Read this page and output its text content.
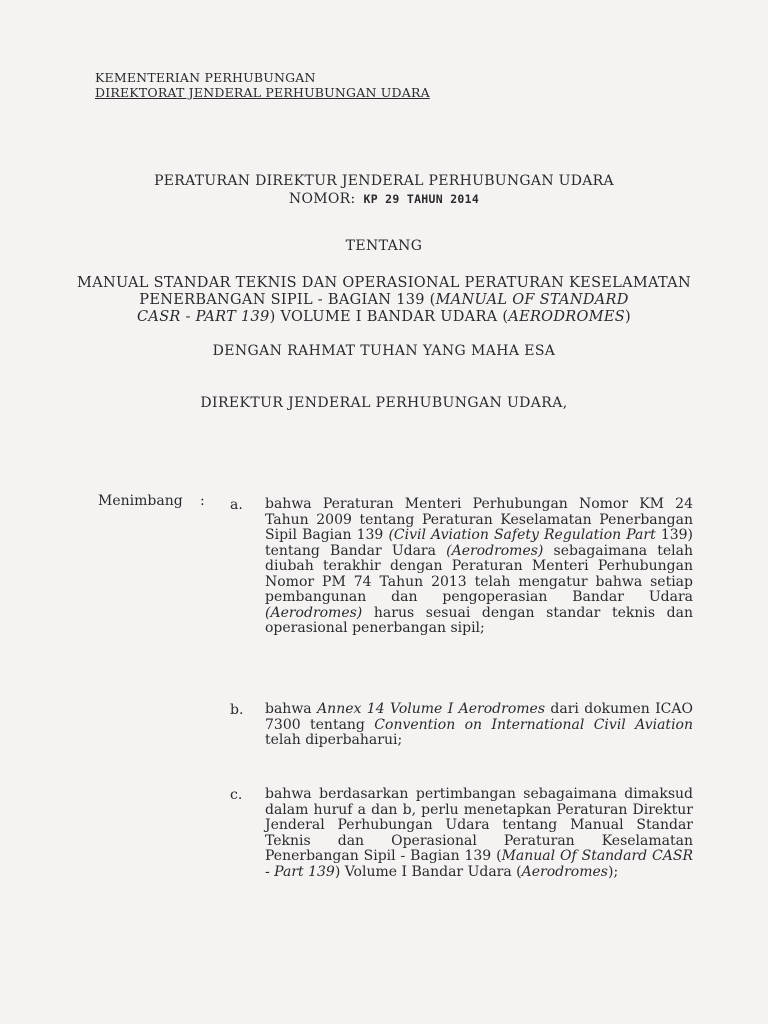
KEMENTERIAN PERHUBUNGAN
DIREKTORAT JENDERAL PERHUBUNGAN UDARA
PERATURAN DIREKTUR JENDERAL PERHUBUNGAN UDARA
NOMOR: KP 29 TAHUN 2014
TENTANG
MANUAL STANDAR TEKNIS DAN OPERASIONAL PERATURAN KESELAMATAN
PENERBANGAN SIPIL - BAGIAN 139 (MANUAL OF STANDARD
CASR - PART 139) VOLUME I BANDAR UDARA (AERODROMES)
DENGAN RAHMAT TUHAN YANG MAHA ESA
DIREKTUR JENDERAL PERHUBUNGAN UDARA,
Menimbang : a. bahwa Peraturan Menteri Perhubungan Nomor KM 24 Tahun 2009 tentang Peraturan Keselamatan Penerbangan Sipil Bagian 139 (Civil Aviation Safety Regulation Part 139) tentang Bandar Udara (Aerodromes) sebagaimana telah diubah terakhir dengan Peraturan Menteri Perhubungan Nomor PM 74 Tahun 2013 telah mengatur bahwa setiap pembangunan dan pengoperasian Bandar Udara (Aerodromes) harus sesuai dengan standar teknis dan operasional penerbangan sipil;
b. bahwa Annex 14 Volume I Aerodromes dari dokumen ICAO 7300 tentang Convention on International Civil Aviation telah diperbaharui;
c. bahwa berdasarkan pertimbangan sebagaimana dimaksud dalam huruf a dan b, perlu menetapkan Peraturan Direktur Jenderal Perhubungan Udara tentang Manual Standar Teknis dan Operasional Peraturan Keselamatan Penerbangan Sipil - Bagian 139 (Manual Of Standard CASR - Part 139) Volume I Bandar Udara (Aerodromes);
